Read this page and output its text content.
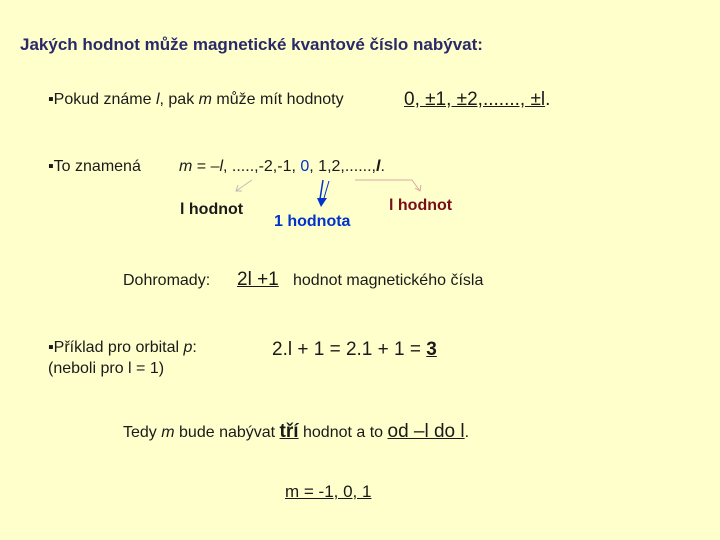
Jakých hodnot může magnetické kvantové číslo nabývat:
▪Pokud známe l, pak m může mít hodnoty	0, ±1, ±2,......., ±l.
▪To znamená m = –l, .....,-2,-1, 0, 1,2,......,l.
l hodnot
1 hodnota
l hodnot
Dohromady: 2l +1 hodnot magnetického čísla
▪Příklad pro orbital p:
(neboli pro l = 1)
2.l + 1 = 2.1 + 1 = 3
Tedy m bude nabývat tří hodnot a to od –l do l.
m = -1, 0, 1
